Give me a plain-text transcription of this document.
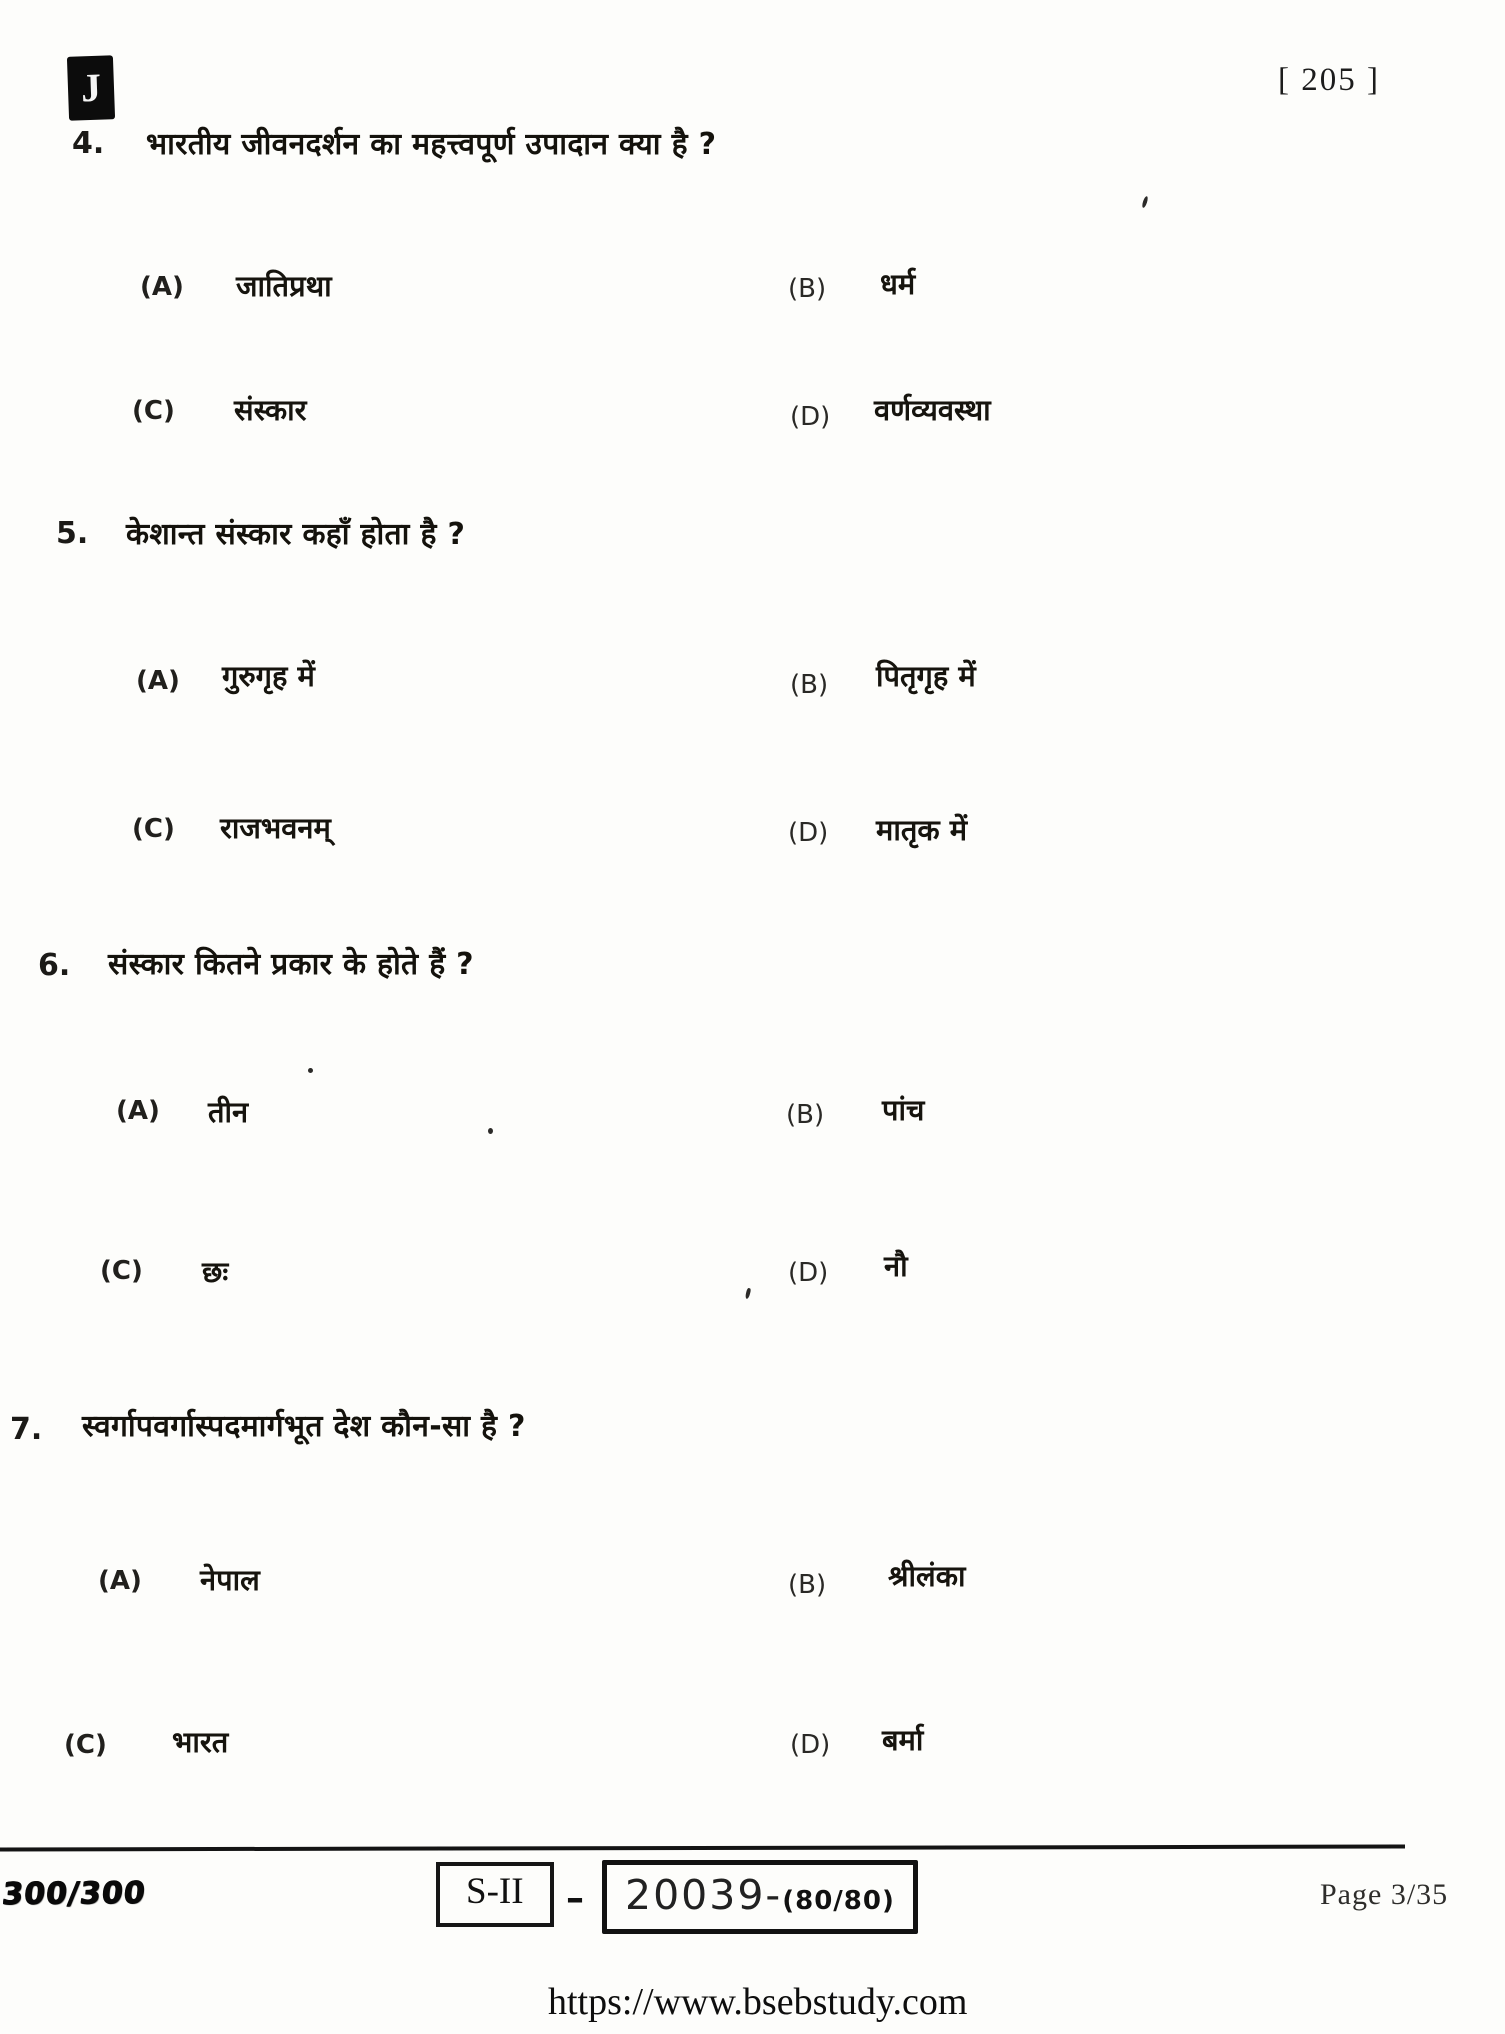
J	[ 205 ]
4. भारतीय जीवनदर्शन का महत्त्वपूर्ण उपादान क्या है ?
(A) जातिप्रथा	(B) धर्म
(C) संस्कार	(D) वर्णव्यवस्था
5. केशान्त संस्कार कहाँ होता है ?
(A) गुरुगृह में	(B) पितृगृह में
(C) राजभवनम्	(D) मातृक में
6. संस्कार कितने प्रकार के होते हैं ?
(A) तीन	(B) पांच
(C) छः	(D) नौ
7. स्वर्गापवर्गास्पदमार्गभूत देश कौन-सा है ?
(A) नेपाल	(B) श्रीलंका
(C) भारत	(D) बर्मा
300/300	S-II	– 20039- (80/80)	Page 3/35
https://www.bsebstudy.com
